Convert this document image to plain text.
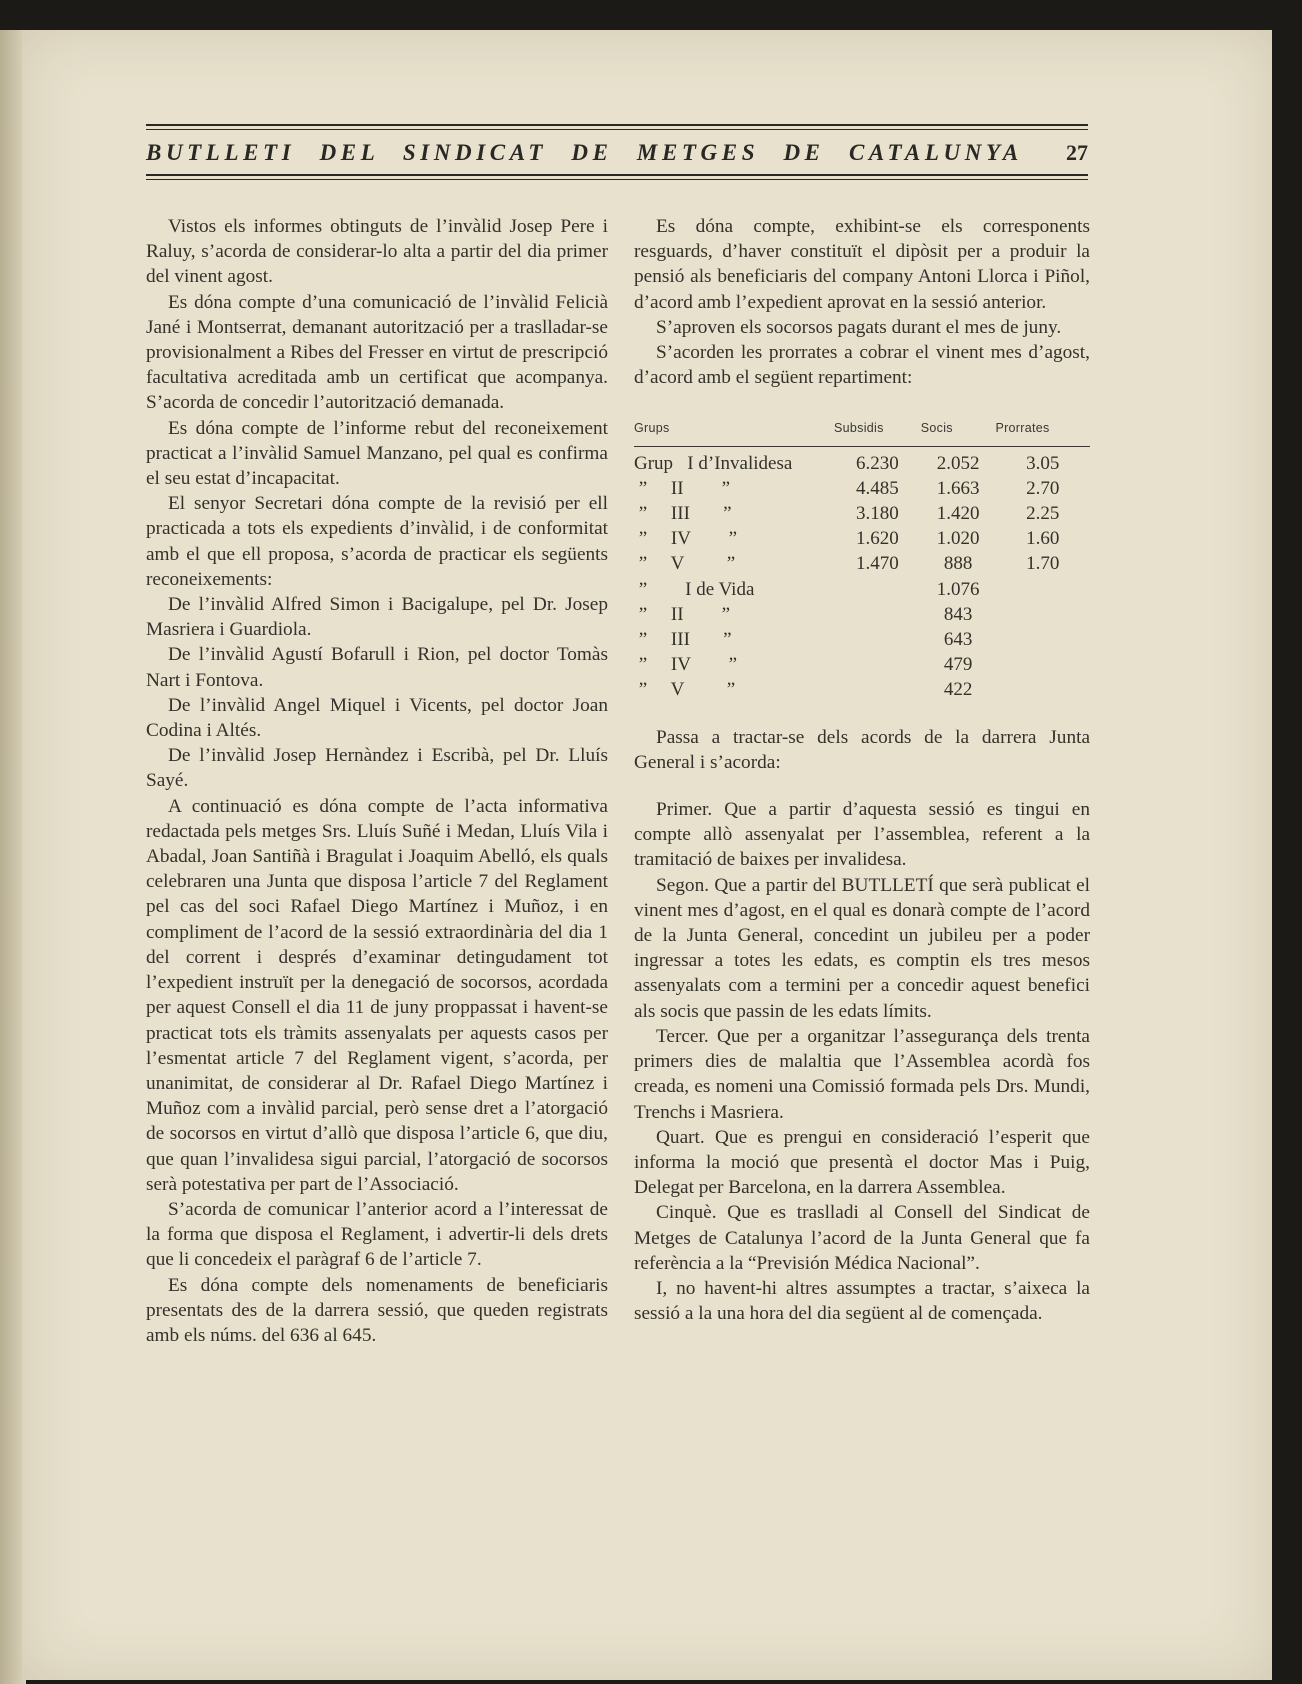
BUTLLETI DEL SINDICAT DE METGES DE CATALUNYA 27

Vistos els informes obtinguts de l’invàlid Josep Pere i Raluy, s’acorda de considerar-lo alta a partir del dia primer del vinent agost.

Es dóna compte d’una comunicació de l’invàlid Felicià Jané i Montserrat, demanant autorització per a traslladar-se provisionalment a Ribes del Fresser en virtut de prescripció facultativa acreditada amb un certificat que acompanya. S’acorda de concedir l’autorització demanada.

Es dóna compte de l’informe rebut del reconeixement practicat a l’invàlid Samuel Manzano, pel qual es confirma el seu estat d’incapacitat.

El senyor Secretari dóna compte de la revisió per ell practicada a tots els expedients d’invàlid, i de conformitat amb el que ell proposa, s’acorda de practicar els següents reconeixements:

De l’invàlid Alfred Simon i Bacigalupe, pel Dr. Josep Masriera i Guardiola.

De l’invàlid Agustí Bofarull i Rion, pel doctor Tomàs Nart i Fontova.

De l’invàlid Angel Miquel i Vicents, pel doctor Joan Codina i Altés.

De l’invàlid Josep Hernàndez i Escribà, pel Dr. Lluís Sayé.

A continuació es dóna compte de l’acta informativa redactada pels metges Srs. Lluís Suñé i Medan, Lluís Vila i Abadal, Joan Santiñà i Bragulat i Joaquim Abelló, els quals celebraren una Junta que disposa l’article 7 del Reglament pel cas del soci Rafael Diego Martínez i Muñoz, i en compliment de l’acord de la sessió extraordinària del dia 1 del corrent i després d’examinar detingudament tot l’expedient instruït per la denegació de socorsos, acordada per aquest Consell el dia 11 de juny proppassat i havent-se practicat tots els tràmits assenyalats per aquests casos per l’esmentat article 7 del Reglament vigent, s’acorda, per unanimitat, de considerar al Dr. Rafael Diego Martínez i Muñoz com a invàlid parcial, però sense dret a l’atorgació de socorsos en virtut d’allò que disposa l’article 6, que diu, que quan l’invalidesa sigui parcial, l’atorgació de socorsos serà potestativa per part de l’Associació.

S’acorda de comunicar l’anterior acord a l’interessat de la forma que disposa el Reglament, i advertir-li dels drets que li concedeix el paràgraf 6 de l’article 7.

Es dóna compte dels nomenaments de beneficiaris presentats des de la darrera sessió, que queden registrats amb els núms. del 636 al 645.

Es dóna compte, exhibint-se els corresponents resguards, d’haver constituït el dipòsit per a produir la pensió als beneficiaris del company Antoni Llorca i Piñol, d’acord amb l’expedient aprovat en la sessió anterior.

S’aproven els socorsos pagats durant el mes de juny.

S’acorden les prorrates a cobrar el vinent mes d’agost, d’acord amb el següent repartiment:

Grups	Subsidis	Socis	Prorrates
Grup   I d’Invalidesa	6.230	2.052	3.05
”     II        ”	4.485	1.663	2.70
”     III       ”	3.180	1.420	2.25
”     IV        ”	1.620	1.020	1.60
”     V         ”	1.470	888	1.70
”        I de Vida		1.076	
”     II        ”		843	
”     III       ”		643	
”     IV        ”		479	
”     V         ”		422	

Passa a tractar-se dels acords de la darrera Junta General i s’acorda:

Primer. Que a partir d’aquesta sessió es tingui en compte allò assenyalat per l’assemblea, referent a la tramitació de baixes per invalidesa.

Segon. Que a partir del BUTLLETÍ que serà publicat el vinent mes d’agost, en el qual es donarà compte de l’acord de la Junta General, concedint un jubileu per a poder ingressar a totes les edats, es comptin els tres mesos assenyalats com a termini per a concedir aquest benefici als socis que passin de les edats límits.

Tercer. Que per a organitzar l’assegurança dels trenta primers dies de malaltia que l’Assemblea acordà fos creada, es nomeni una Comissió formada pels Drs. Mundi, Trenchs i Masriera.

Quart. Que es prengui en consideració l’esperit que informa la moció que presentà el doctor Mas i Puig, Delegat per Barcelona, en la darrera Assemblea.

Cinquè. Que es traslladi al Consell del Sindicat de Metges de Catalunya l’acord de la Junta General que fa referència a la “Previsión Médica Nacional”.

I, no havent-hi altres assumptes a tractar, s’aixeca la sessió a la una hora del dia següent al de començada.
